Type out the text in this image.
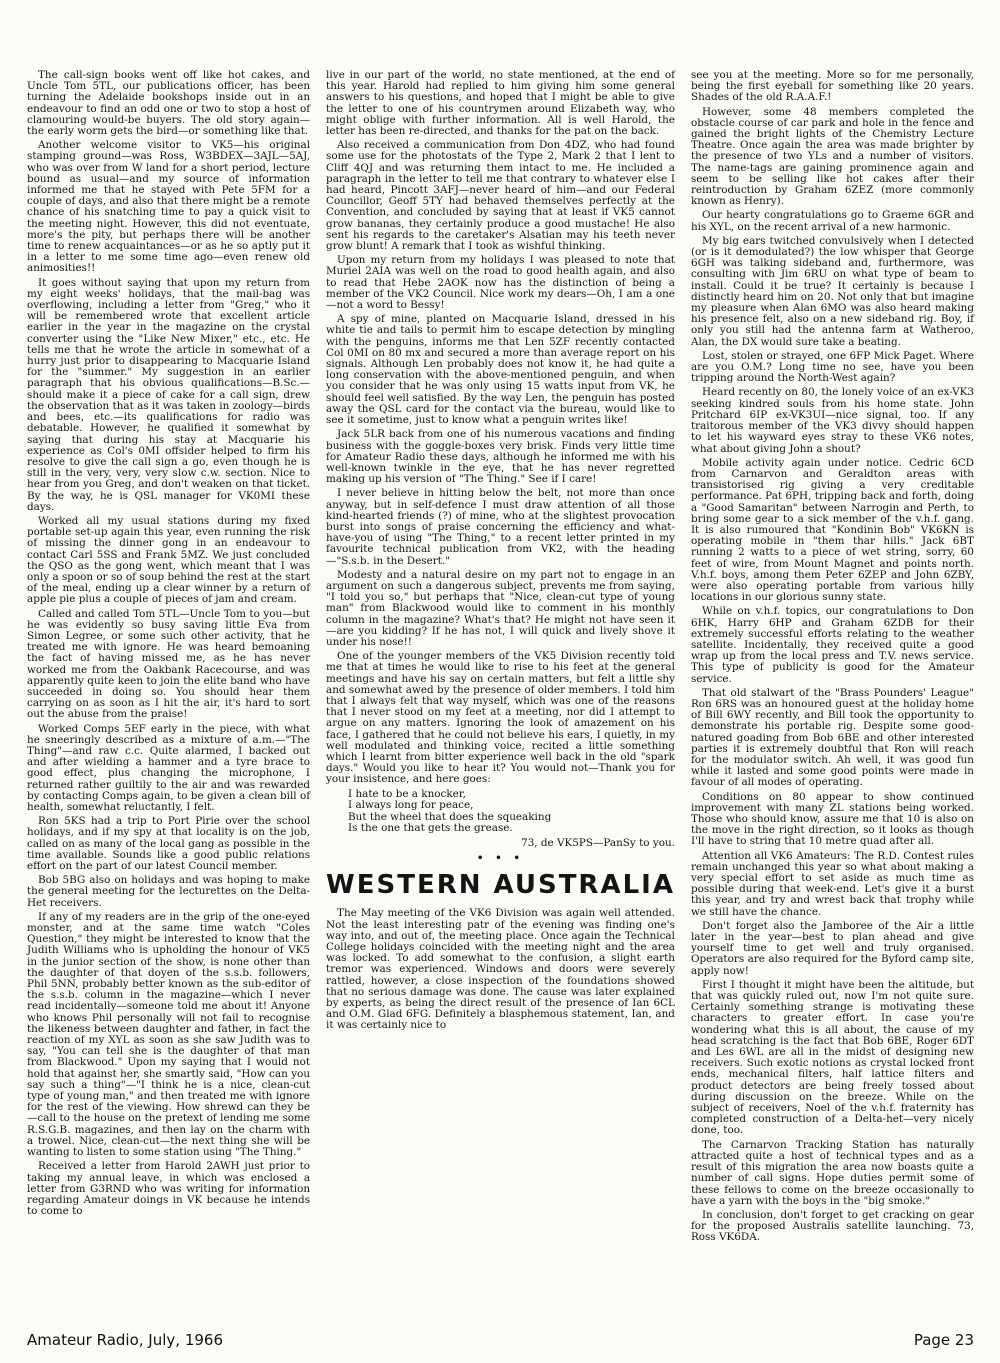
The call-sign books went off like hot cakes, and Uncle Tom 5TL, our publications officer, has been turning the Adelaide bookshops inside out in an endeavour to find an odd one or two to stop a host of clamouring would-be buyers. The old story again—the early worm gets the bird—or something like that.

Another welcome visitor to VK5—his original stamping ground—was Ross, W3BDEX—3AJL—5AJ, who was over from W land for a short period, lecture bound as usual—and my source of information informed me that he stayed with Pete 5FM for a couple of days, and also that there might be a remote chance of his snatching time to pay a quick visit to the meeting night. However, this did not eventuate, more's the pity, but perhaps there will be another time to renew acquaintances—or as he so aptly put it in a letter to me some time ago—even renew old animosities!!

It goes without saying that upon my return from my eight weeks' holidays, that the mail-bag was overflowing, including a letter from "Greg," who it will be remembered wrote that excellent article earlier in the year in the magazine on the crystal converter using the "Like New Mixer," etc., etc. He tells me that he wrote the article in somewhat of a hurry just prior to disappearing to Macquarie Island for the "summer." My suggestion in an earlier paragraph that his obvious qualifications—B.Sc.—should make it a piece of cake for a call sign, drew the observation that as it was taken in zoology—birds and bees, etc.—its qualifications for radio was debatable. However, he qualified it somewhat by saying that during his stay at Macquarie his experience as Col's 0MI offsider helped to firm his resolve to give the call sign a go, even though he is still in the very, very, very slow c.w. section. Nice to hear from you Greg, and don't weaken on that ticket. By the way, he is QSL manager for VK0MI these days.

Worked all my usual stations during my fixed portable set-up again this year, even running the risk of missing the dinner gong in an endeavour to contact Carl 5SS and Frank 5MZ. We just concluded the QSO as the gong went, which meant that I was only a spoon or so of soup behind the rest at the start of the meal, ending up a clear winner by a return of apple pie plus a couple of pieces of jam and cream.

Called and called Tom 5TL—Uncle Tom to you—but he was evidently so busy saving little Eva from Simon Legree, or some such other activity, that he treated me with ignore. He was heard bemoaning the fact of having missed me, as he has never worked me from the Oakbank Racecourse, and was apparently quite keen to join the elite band who have succeeded in doing so. You should hear them carrying on as soon as I hit the air, it's hard to sort out the abuse from the praise!

Worked Comps 5EF early in the piece, with what he sneeringly described as a mixture of a.m.—"The Thing"—and raw c.c. Quite alarmed, I backed out and after wielding a hammer and a tyre brace to good effect, plus changing the microphone, I returned rather guiltily to the air and was rewarded by contacting Comps again, to be given a clean bill of health, somewhat reluctantly, I felt.

Ron 5KS had a trip to Port Pirie over the school holidays, and if my spy at that locality is on the job, called on as many of the local gang as possible in the time available. Sounds like a good public relations effort on the part of our latest Council member.

Bob 5BG also on holidays and was hoping to make the general meeting for the lecturettes on the Delta-Het receivers.

If any of my readers are in the grip of the one-eyed monster, and at the same time watch "Coles Question," they might be interested to know that the Judith Williams who is upholding the honour of VK5 in the junior section of the show, is none other than the daughter of that doyen of the s.s.b. followers, Phil 5NN, probably better known as the sub-editor of the s.s.b. column in the magazine—which I never read incidentally—someone told me about it! Anyone who knows Phil personally will not fail to recognise the likeness between daughter and father, in fact the reaction of my XYL as soon as she saw Judith was to say, "You can tell she is the daughter of that man from Blackwood." Upon my saying that I would not hold that against her, she smartly said, "How can you say such a thing"—"I think he is a nice, clean-cut type of young man," and then treated me with ignore for the rest of the viewing. How shrewd can they be—call to the house on the pretext of lending me some R.S.G.B. magazines, and then lay on the charm with a trowel. Nice, clean-cut—the next thing she will be wanting to listen to some station using "The Thing."

Received a letter from Harold 2AWH just prior to taking my annual leave, in which was enclosed a letter from G3RND who was writing for information regarding Amateur doings in VK because he intends to come to

live in our part of the world, no state mentioned, at the end of this year. Harold had replied to him giving him some general answers to his questions, and hoped that I might be able to give the letter to one of his countrymen around Elizabeth way, who might oblige with further information. All is well Harold, the letter has been re-directed, and thanks for the pat on the back.

Also received a communication from Don 4DZ, who had found some use for the photostats of the Type 2, Mark 2 that I lent to Cliff 4QJ and was returning them intact to me. He included a paragraph in the letter to tell me that contrary to whatever else I had heard, Pincott 3AFJ—never heard of him—and our Federal Councillor, Geoff 5TY had behaved themselves perfectly at the Convention, and concluded by saying that at least if VK5 cannot grow bananas, they certainly produce a good mustache! He also sent his regards to the caretaker's Alsatian may his teeth never grow blunt! A remark that I took as wishful thinking.

Upon my return from my holidays I was pleased to note that Muriel 2AIA was well on the road to good health again, and also to read that Hebe 2AOK now has the distinction of being a member of the VK2 Council. Nice work my dears—Oh, I am a one—not a word to Bessy!

A spy of mine, planted on Macquarie Island, dressed in his white tie and tails to permit him to escape detection by mingling with the penguins, informs me that Len 5ZF recently contacted Col 0MI on 80 mx and secured a more than average report on his signals. Although Len probably does not know it, he had quite a long conservation with the above-mentioned penguin, and when you consider that he was only using 15 watts input from VK, he should feel well satisfied. By the way Len, the penguin has posted away the QSL card for the contact via the bureau, would like to see it sometime, just to know what a penguin writes like!

Jack 5LR back from one of his numerous vacations and finding business with the goggle-boxes very brisk. Finds very little time for Amateur Radio these days, although he informed me with his well-known twinkle in the eye, that he has never regretted making up his version of "The Thing." See if I care!

I never believe in hitting below the belt, not more than once anyway, but in self-defence I must draw attention of all those kind-hearted friends (?) of mine, who at the slightest provocation burst into songs of praise concerning the efficiency and what-have-you of using "The Thing," to a recent letter printed in my favourite technical publication from VK2, with the heading—"S.s.b. in the Desert."

Modesty and a natural desire on my part not to engage in an argument on such a dangerous subject, prevents me from saying, "I told you so," but perhaps that "Nice, clean-cut type of young man" from Blackwood would like to comment in his monthly column in the magazine? What's that? He might not have seen it—are you kidding? If he has not, I will quick and lively shove it under his nose!!

One of the younger members of the VK5 Division recently told me that at times he would like to rise to his feet at the general meetings and have his say on certain matters, but felt a little shy and somewhat awed by the presence of older members. I told him that I always felt that way myself, which was one of the reasons that I never stood on my feet at a meeting, nor did I attempt to argue on any matters. Ignoring the look of amazement on his face, I gathered that he could not believe his ears, I quietly, in my well modulated and thinking voice, recited a little something which I learnt from bitter experience well back in the old "spark days." Would you like to hear it? You would not—Thank you for your insistence, and here goes:

I hate to be a knocker,
I always long for peace,
But the wheel that does the squeaking
Is the one that gets the grease.
73, de VK5PS—PanSy to you.
• • •
WESTERN AUSTRALIA

The May meeting of the VK6 Division was again well attended. Not the least interesting patr of the evening was finding one's way into, and out of, the meeting place. Once again the Technical College holidays coincided with the meeting night and the area was locked. To add somewhat to the confusion, a slight earth tremor was experienced. Windows and doors were severely rattled, however, a close inspection of the foundations showed that no serious damage was done. The cause was later explained by experts, as being the direct result of the presence of Ian 6CL and O.M. Glad 6FG. Definitely a blasphemous statement, Ian, and it was certainly nice to

see you at the meeting. More so for me personally, being the first eyeball for something like 20 years. Shades of the old R.A.A.F.!

However, some 48 members completed the obstacle course of car park and hole in the fence and gained the bright lights of the Chemistry Lecture Theatre. Once again the area was made brighter by the presence of two YLs and a number of visitors. The name-tags are gaining prominence again and seem to be selling like hot cakes after their reintroduction by Graham 6ZEZ (more commonly known as Henry).

Our hearty congratulations go to Graeme 6GR and his XYL, on the recent arrival of a new harmonic.

My big ears twitched convulsively when I detected (or is it demodulated?) the low whisper that George 6GH was talking sideband and, furthermore, was consulting with Jim 6RU on what type of beam to install. Could it be true? It certainly is because I distinctly heard him on 20. Not only that but imagine my pleasure when Alan 6MO was also heard making his presence felt, also on a new sideband rig. Boy, if only you still had the antenna farm at Watheroo, Alan, the DX would sure take a beating.

Lost, stolen or strayed, one 6FP Mick Paget. Where are you O.M.? Long time no see, have you been tripping around the North-West again?

Heard recently on 80, the lonely voice of an ex-VK3 seeking kindred souls from his home state. John Pritchard 6IP ex-VK3UI—nice signal, too. If any traitorous member of the VK3 divvy should happen to let his wayward eyes stray to these VK6 notes, what about giving John a shout?

Mobile activity again under notice. Cedric 6CD from Carnarvon and Geraldton areas with transistorised rig giving a very creditable performance. Pat 6PH, tripping back and forth, doing a "Good Samaritan" between Narrogin and Perth, to bring some gear to a sick member of the v.h.f. gang. It is also rumoured that "Kondinin Bob" VK6KN is operating mobile in "them thar hills." Jack 6BT running 2 watts to a piece of wet string, sorry, 60 feet of wire, from Mount Magnet and points north. V.h.f. boys, among them Peter 6ZEP and John 6ZBY, were also operating portable from various hilly locations in our glorious sunny state.

While on v.h.f. topics, our congratulations to Don 6HK, Harry 6HP and Graham 6ZDB for their extremely successful efforts relating to the weather satellite. Incidentally, they received quite a good wrap up from the local press and T.V. news service. This type of publicity is good for the Amateur service.

That old stalwart of the "Brass Pounders' League" Ron 6RS was an honoured guest at the holiday home of Bill 6WY recently, and Bill took the opportunity to demonstrate his portable rig. Despite some good-natured goading from Bob 6BE and other interested parties it is extremely doubtful that Ron will reach for the modulator switch. Ah well, it was good fun while it lasted and some good points were made in favour of all modes of operating.

Conditions on 80 appear to show continued improvement with many ZL stations being worked. Those who should know, assure me that 10 is also on the move in the right direction, so it looks as though I'll have to string that 10 metre quad after all.

Attention all VK6 Amateurs: The R.D. Contest rules remain unchanged this year so what about making a very special effort to set aside as much time as possible during that week-end. Let's give it a burst this year, and try and wrest back that trophy while we still have the chance.

Don't forget also the Jamboree of the Air a little later in the year—best to plan ahead and give yourself time to get well and truly organised. Operators are also required for the Byford camp site, apply now!

First I thought it might have been the altitude, but that was quickly ruled out, now I'm not quite sure. Certainly something strange is motivating these characters to greater effort. In case you're wondering what this is all about, the cause of my head scratching is the fact that Bob 6BE, Roger 6DT and Les 6WL are all in the midst of designing new receivers. Such exotic notions as crystal locked front ends, mechanical filters, half lattice filters and product detectors are being freely tossed about during discussion on the breeze. While on the subject of receivers, Noel of the v.h.f. fraternity has completed construction of a Delta-het—very nicely done, too.

The Carnarvon Tracking Station has naturally attracted quite a host of technical types and as a result of this migration the area now boasts quite a number of call signs. Hope duties permit some of these fellows to come on the breeze occasionally to have a yarn with the boys in the "big smoke."

In conclusion, don't forget to get cracking on gear for the proposed Australis satellite launching. 73, Ross VK6DA.

Amateur Radio, July, 1966	Page 23
